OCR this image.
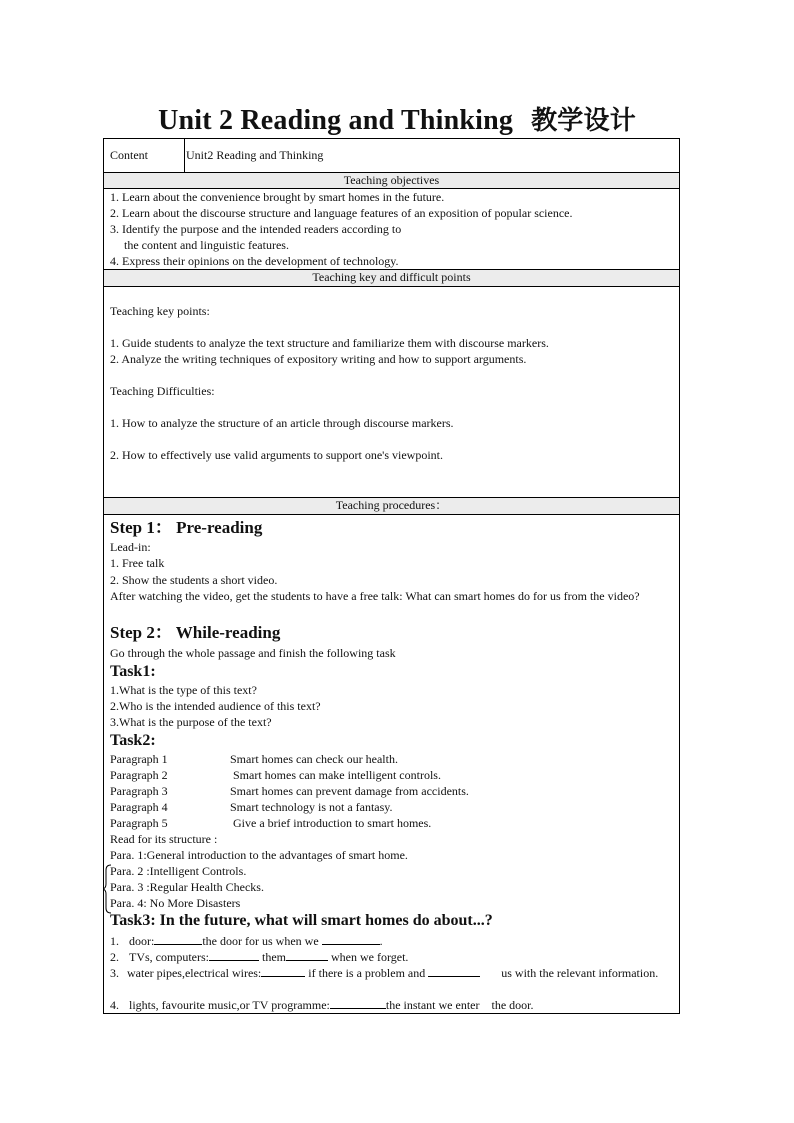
Unit 2 Reading and Thinking 教学设计
Content	Unit2 Reading and Thinking
Teaching objectives
1. Learn about the convenience brought by smart homes in the future.
2. Learn about the discourse structure and language features of an exposition of popular science.
3. Identify the purpose and the intended readers according to
the content and linguistic features.
4. Express their opinions on the development of technology.
Teaching key and difficult points
Teaching key points:
1. Guide students to analyze the text structure and familiarize them with discourse markers.
2. Analyze the writing techniques of expository writing and how to support arguments.
Teaching Difficulties:
1. How to analyze the structure of an article through discourse markers.
2. How to effectively use valid arguments to support one's viewpoint.
Teaching procedures：
Step 1： Pre-reading
Lead-in:
1. Free talk
2. Show the students a short video.
After watching the video, get the students to have a free talk: What can smart homes do for us from the video?
Step 2： While-reading
Go through the whole passage and finish the following task
Task1:
1.What is the type of this text?
2.Who is the intended audience of this text?
3.What is the purpose of the text?
Task2:
Paragraph 1	Smart homes can check our health.
Paragraph 2	Smart homes can make intelligent controls.
Paragraph 3	Smart homes can prevent damage from accidents.
Paragraph 4	Smart technology is not a fantasy.
Paragraph 5	Give a brief introduction to smart homes.
Read for its structure :
Para. 1:General introduction to the advantages of smart home.
Para. 2 :Intelligent Controls.
Para. 3 :Regular Health Checks.
Para. 4: No More Disasters
Task3: In the future, what will smart homes do about...?
1. door:	the door for us when we	.
2. TVs, computers:	them	when we forget.
3. water pipes,electrical wires:	if there is a problem and	us with the relevant information.
4. lights, favourite music,or TV programme:	the instant we enter the door.
